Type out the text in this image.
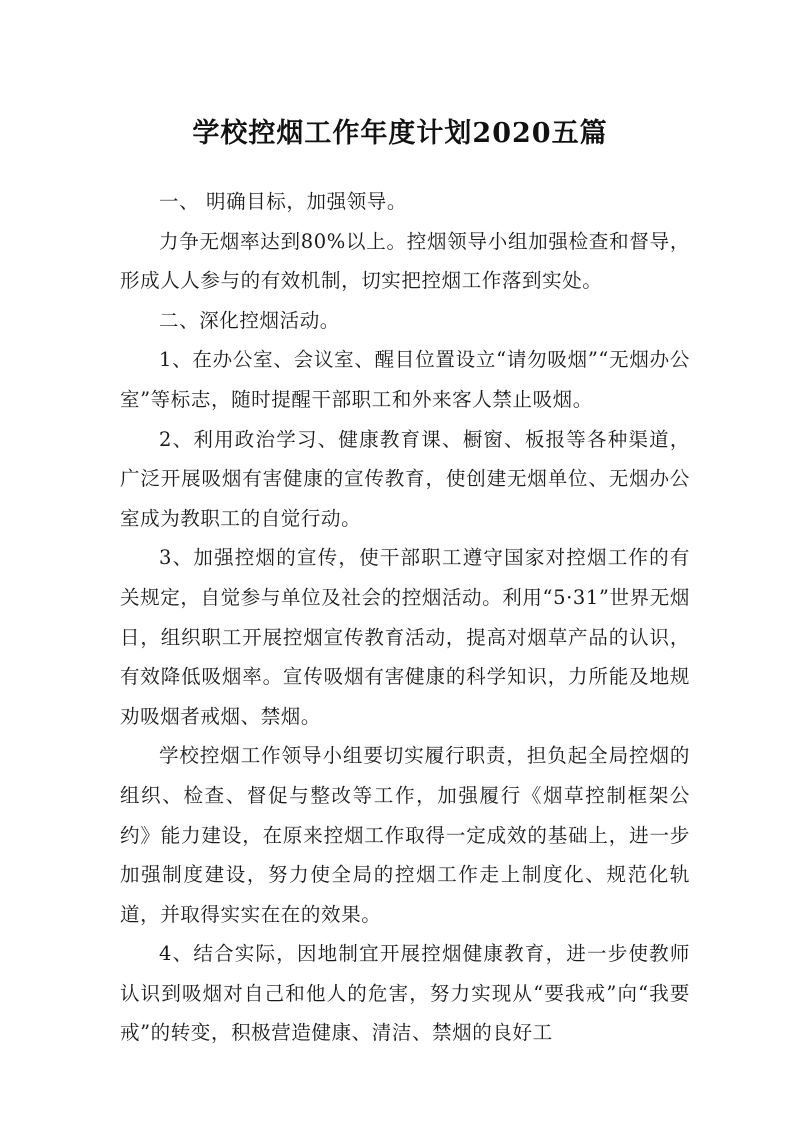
学校控烟工作年度计划2020五篇

一、 明确目标，加强领导。

力争无烟率达到80%以上。控烟领导小组加强检查和督导，形成人人参与的有效机制，切实把控烟工作落到实处。

二、深化控烟活动。

1、在办公室、会议室、醒目位置设立“请勿吸烟”“无烟办公室”等标志，随时提醒干部职工和外来客人禁止吸烟。

2、利用政治学习、健康教育课、橱窗、板报等各种渠道，广泛开展吸烟有害健康的宣传教育，使创建无烟单位、无烟办公室成为教职工的自觉行动。

3、加强控烟的宣传，使干部职工遵守国家对控烟工作的有关规定，自觉参与单位及社会的控烟活动。利用“5·31”世界无烟日，组织职工开展控烟宣传教育活动，提高对烟草产品的认识，有效降低吸烟率。宣传吸烟有害健康的科学知识，力所能及地规劝吸烟者戒烟、禁烟。

学校控烟工作领导小组要切实履行职责，担负起全局控烟的组织、检查、督促与整改等工作，加强履行《烟草控制框架公约》能力建设，在原来控烟工作取得一定成效的基础上，进一步加强制度建设，努力使全局的控烟工作走上制度化、规范化轨道，并取得实实在在的效果。

4、结合实际，因地制宜开展控烟健康教育，进一步使教师认识到吸烟对自己和他人的危害，努力实现从“要我戒”向“我要戒”的转变，积极营造健康、清洁、禁烟的良好工
